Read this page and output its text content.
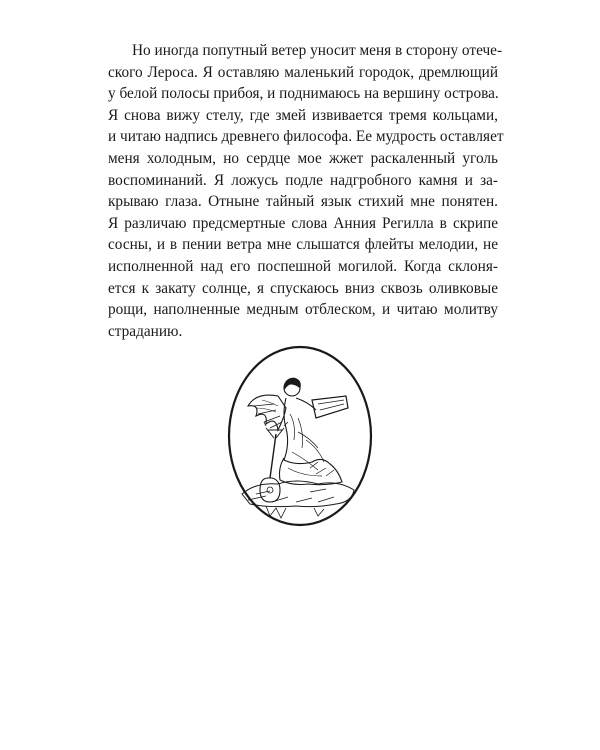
Но иногда попутный ветер уносит меня в сторону отече-
ского Лероса. Я оставляю маленький городок, дремлющий
у белой полосы прибоя, и поднимаюсь на вершину острова.
Я снова вижу стелу, где змей извивается тремя кольцами,
и читаю надпись древнего философа. Ее мудрость оставляет
меня холодным, но сердце мое жжет раскаленный уголь
воспоминаний. Я ложусь подле надгробного камня и за-
крываю глаза. Отныне тайный язык стихий мне понятен.
Я различаю предсмертные слова Анния Регилла в скрипе
сосны, и в пении ветра мне слышатся флейты мелодии, не
исполненной над его поспешной могилой. Когда склоня-
ется к закату солнце, я спускаюсь вниз сквозь оливковые
рощи, наполненные медным отблеском, и читаю молитву
страданию.
